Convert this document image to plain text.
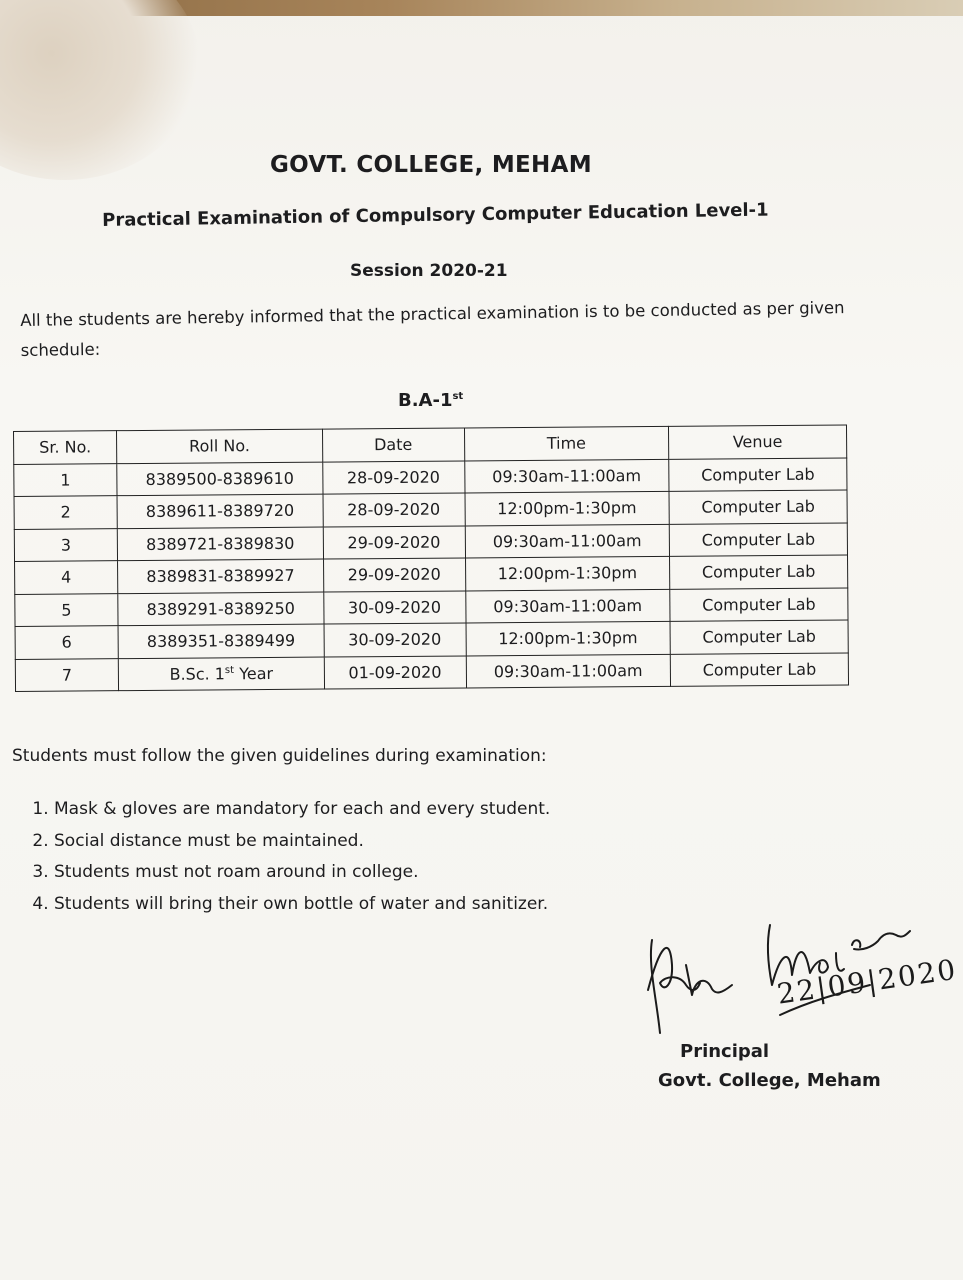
GOVT. COLLEGE, MEHAM
Practical Examination of Compulsory Computer Education Level-1
Session 2020-21
All the students are hereby informed that the practical examination is to be conducted as per given schedule:
B.A-1st
Sr. No.	Roll No.	Date	Time	Venue
1	8389500-8389610	28-09-2020	09:30am-11:00am	Computer Lab
2	8389611-8389720	28-09-2020	12:00pm-1:30pm	Computer Lab
3	8389721-8389830	29-09-2020	09:30am-11:00am	Computer Lab
4	8389831-8389927	29-09-2020	12:00pm-1:30pm	Computer Lab
5	8389291-8389250	30-09-2020	09:30am-11:00am	Computer Lab
6	8389351-8389499	30-09-2020	12:00pm-1:30pm	Computer Lab
7	B.Sc. 1st Year	01-09-2020	09:30am-11:00am	Computer Lab
Students must follow the given guidelines during examination:
1. Mask & gloves are mandatory for each and every student.
2. Social distance must be maintained.
3. Students must not roam around in college.
4. Students will bring their own bottle of water and sanitizer.
22|09|2020
Principal
Govt. College, Meham
